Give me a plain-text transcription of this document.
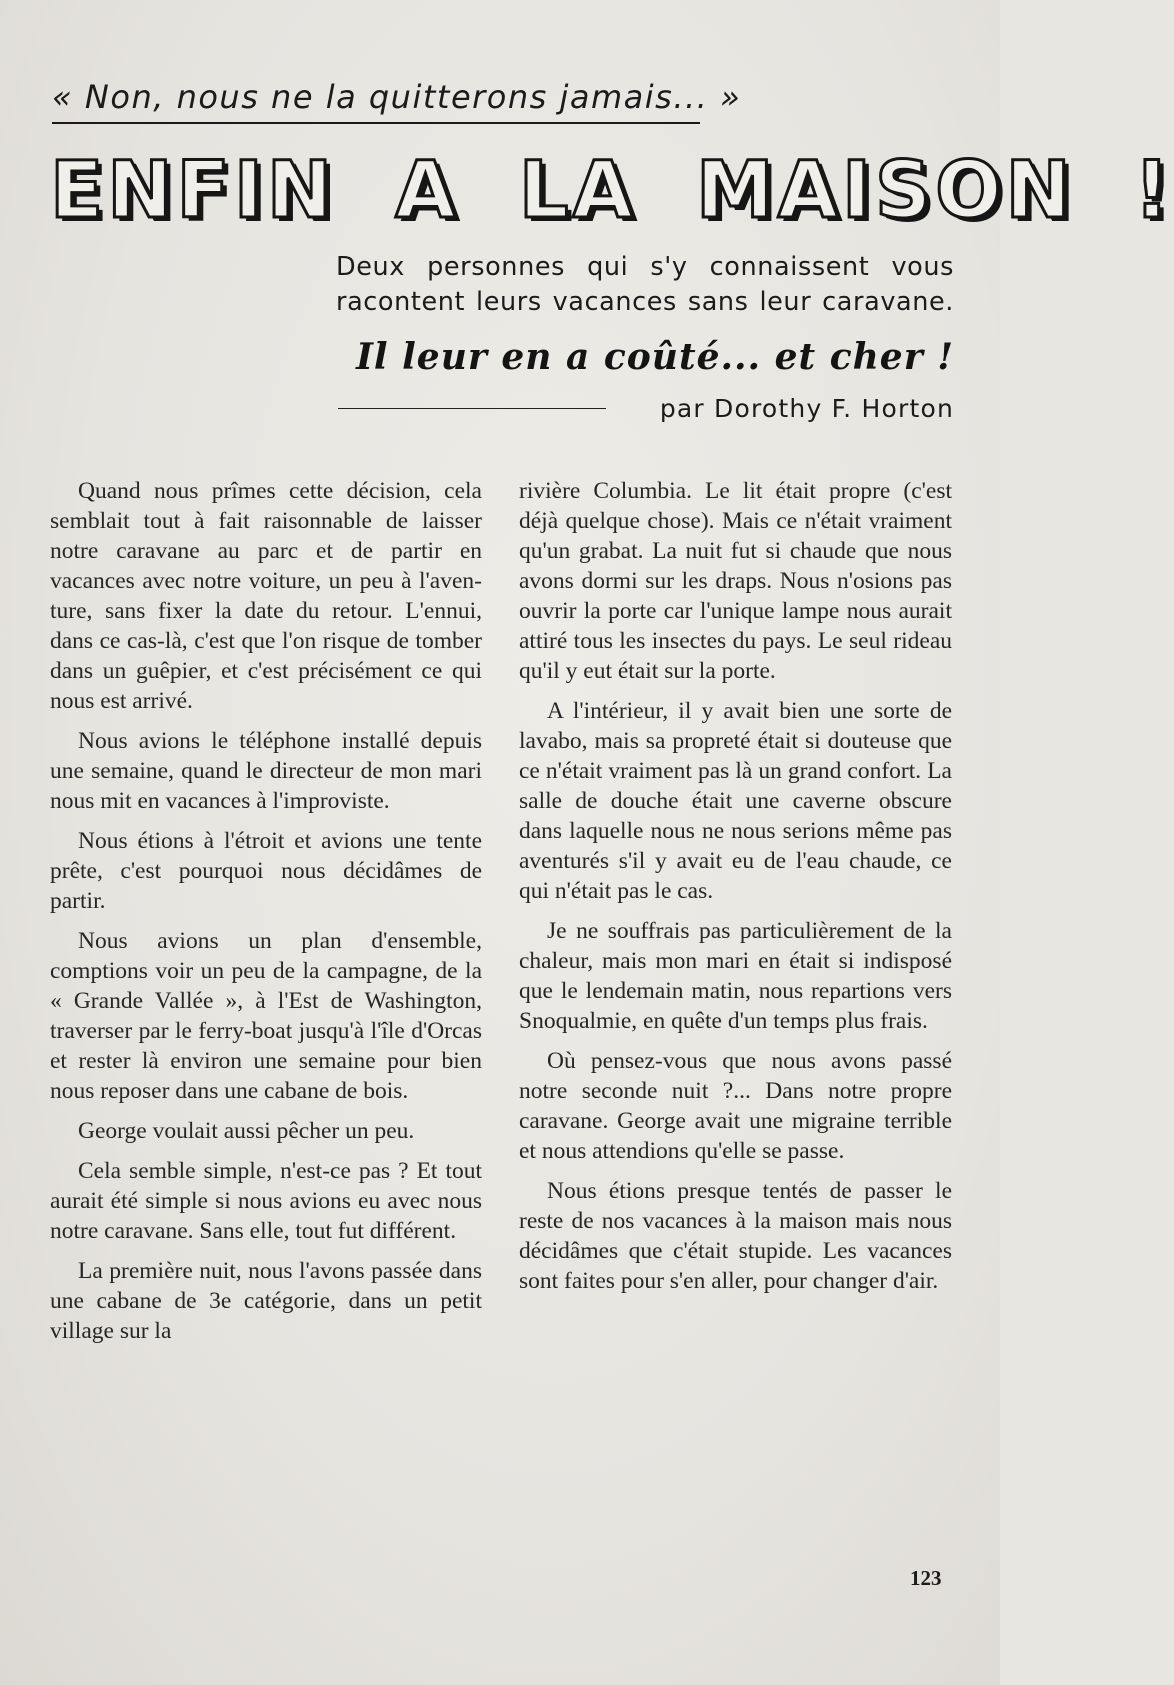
« Non, nous ne la quitterons jamais... »
ENFIN A LA MAISON !
Deux personnes qui s'y connaissent vous racontent leurs vacances sans leur caravane.
Il leur en a coûté... et cher !
par Dorothy F. Horton

Quand nous prîmes cette décision, cela semblait tout à fait raisonnable de laisser notre caravane au parc et de partir en vacances avec notre voiture, un peu à l'aventure, sans fixer la date du retour. L'ennui, dans ce cas-là, c'est que l'on risque de tomber dans un guêpier, et c'est précisément ce qui nous est arrivé.

Nous avions le téléphone installé depuis une semaine, quand le directeur de mon mari nous mit en vacances à l'improviste.

Nous étions à l'étroit et avions une tente prête, c'est pourquoi nous décidâmes de partir.

Nous avions un plan d'ensemble, comptions voir un peu de la campagne, de la « Grande Vallée », à l'Est de Washington, traverser par le ferry-boat jusqu'à l'île d'Orcas et rester là environ une semaine pour bien nous reposer dans une cabane de bois.

George voulait aussi pêcher un peu.

Cela semble simple, n'est-ce pas ? Et tout aurait été simple si nous avions eu avec nous notre caravane. Sans elle, tout fut différent.

La première nuit, nous l'avons passée dans une cabane de 3e catégorie, dans un petit village sur la

rivière Columbia. Le lit était propre (c'est déjà quelque chose). Mais ce n'était vraiment qu'un grabat. La nuit fut si chaude que nous avons dormi sur les draps. Nous n'osions pas ouvrir la porte car l'unique lampe nous aurait attiré tous les insectes du pays. Le seul rideau qu'il y eut était sur la porte.

A l'intérieur, il y avait bien une sorte de lavabo, mais sa propreté était si douteuse que ce n'était vraiment pas là un grand confort. La salle de douche était une caverne obscure dans laquelle nous ne nous serions même pas aventurés s'il y avait eu de l'eau chaude, ce qui n'était pas le cas.

Je ne souffrais pas particulièrement de la chaleur, mais mon mari en était si indisposé que le lendemain matin, nous repartions vers Snoqualmie, en quête d'un temps plus frais.

Où pensez-vous que nous avons passé notre seconde nuit ?... Dans notre propre caravane. George avait une migraine terrible et nous attendions qu'elle se passe.

Nous étions presque tentés de passer le reste de nos vacances à la maison mais nous décidâmes que c'était stupide. Les vacances sont faites pour s'en aller, pour changer d'air.

123
